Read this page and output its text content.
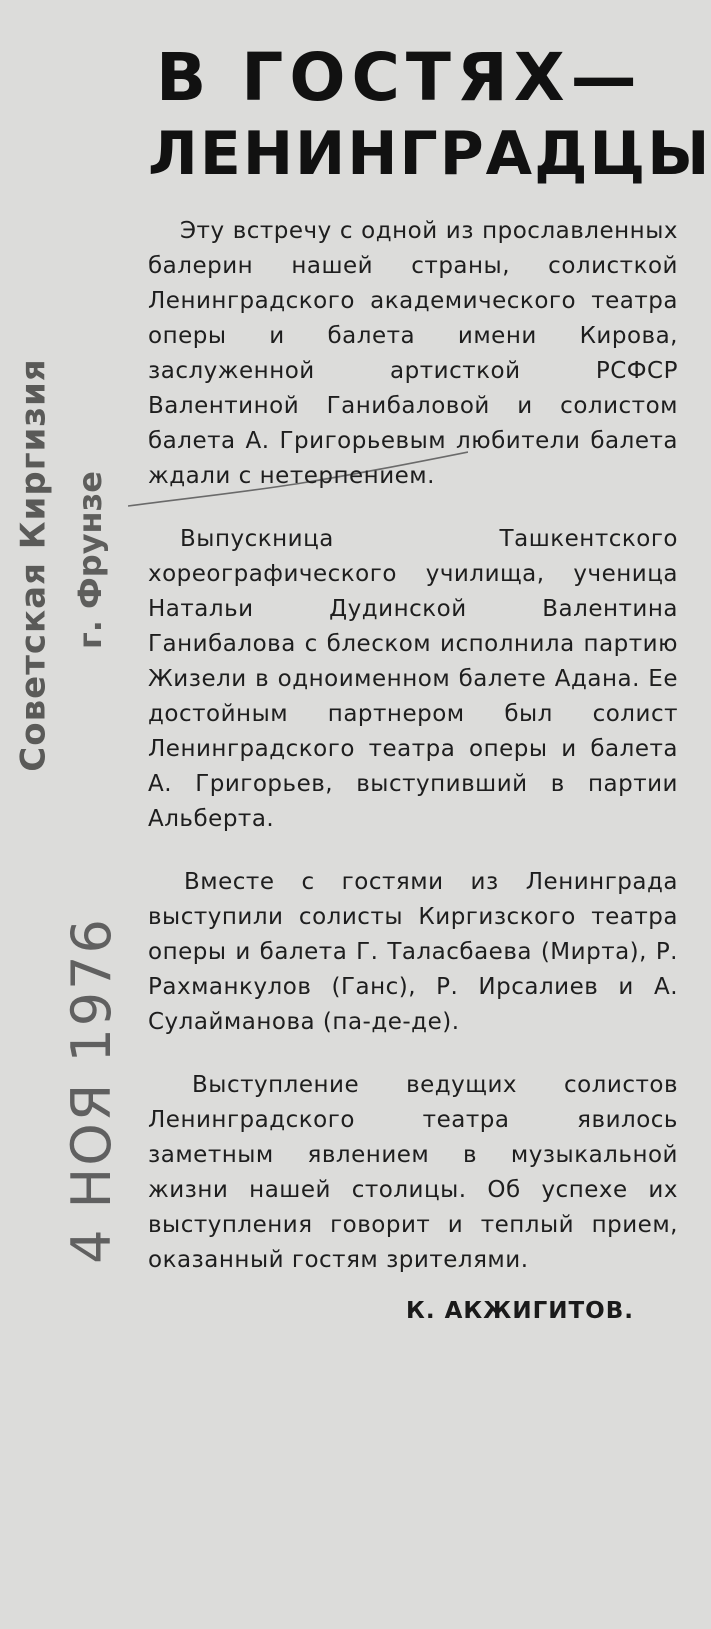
Советская Киргизия г. Фрунзе
4 НОЯ 1976
В ГОСТЯХ—
ЛЕНИНГРАДЦЫ

Эту встречу с одной из прославленных балерин нашей страны, солисткой Ленинградского академического театра оперы и балета имени Кирова, заслуженной артисткой РСФСР Валентиной Ганибаловой и солистом балета А. Григорьевым любители балета ждали с нетерпением.

Выпускница Ташкентского хореографического училища, ученица Натальи Дудинской Валентина Ганибалова с блеском исполнила партию Жизели в одноименном балете Адана. Ее достойным партнером был солист Ленинградского театра оперы и балета А. Григорьев, выступивший в партии Альберта.

Вместе с гостями из Ленинграда выступили солисты Киргизского театра оперы и балета Г. Таласбаева (Мирта), Р. Рахманкулов (Ганс), Р. Ирсалиев и А. Сулайманова (па-де-де).

Выступление ведущих солистов Ленинградского театра явилось заметным явлением в музыкальной жизни нашей столицы. Об успехе их выступления говорит и теплый прием, оказанный гостям зрителями.

К. АКЖИГИТОВ.
